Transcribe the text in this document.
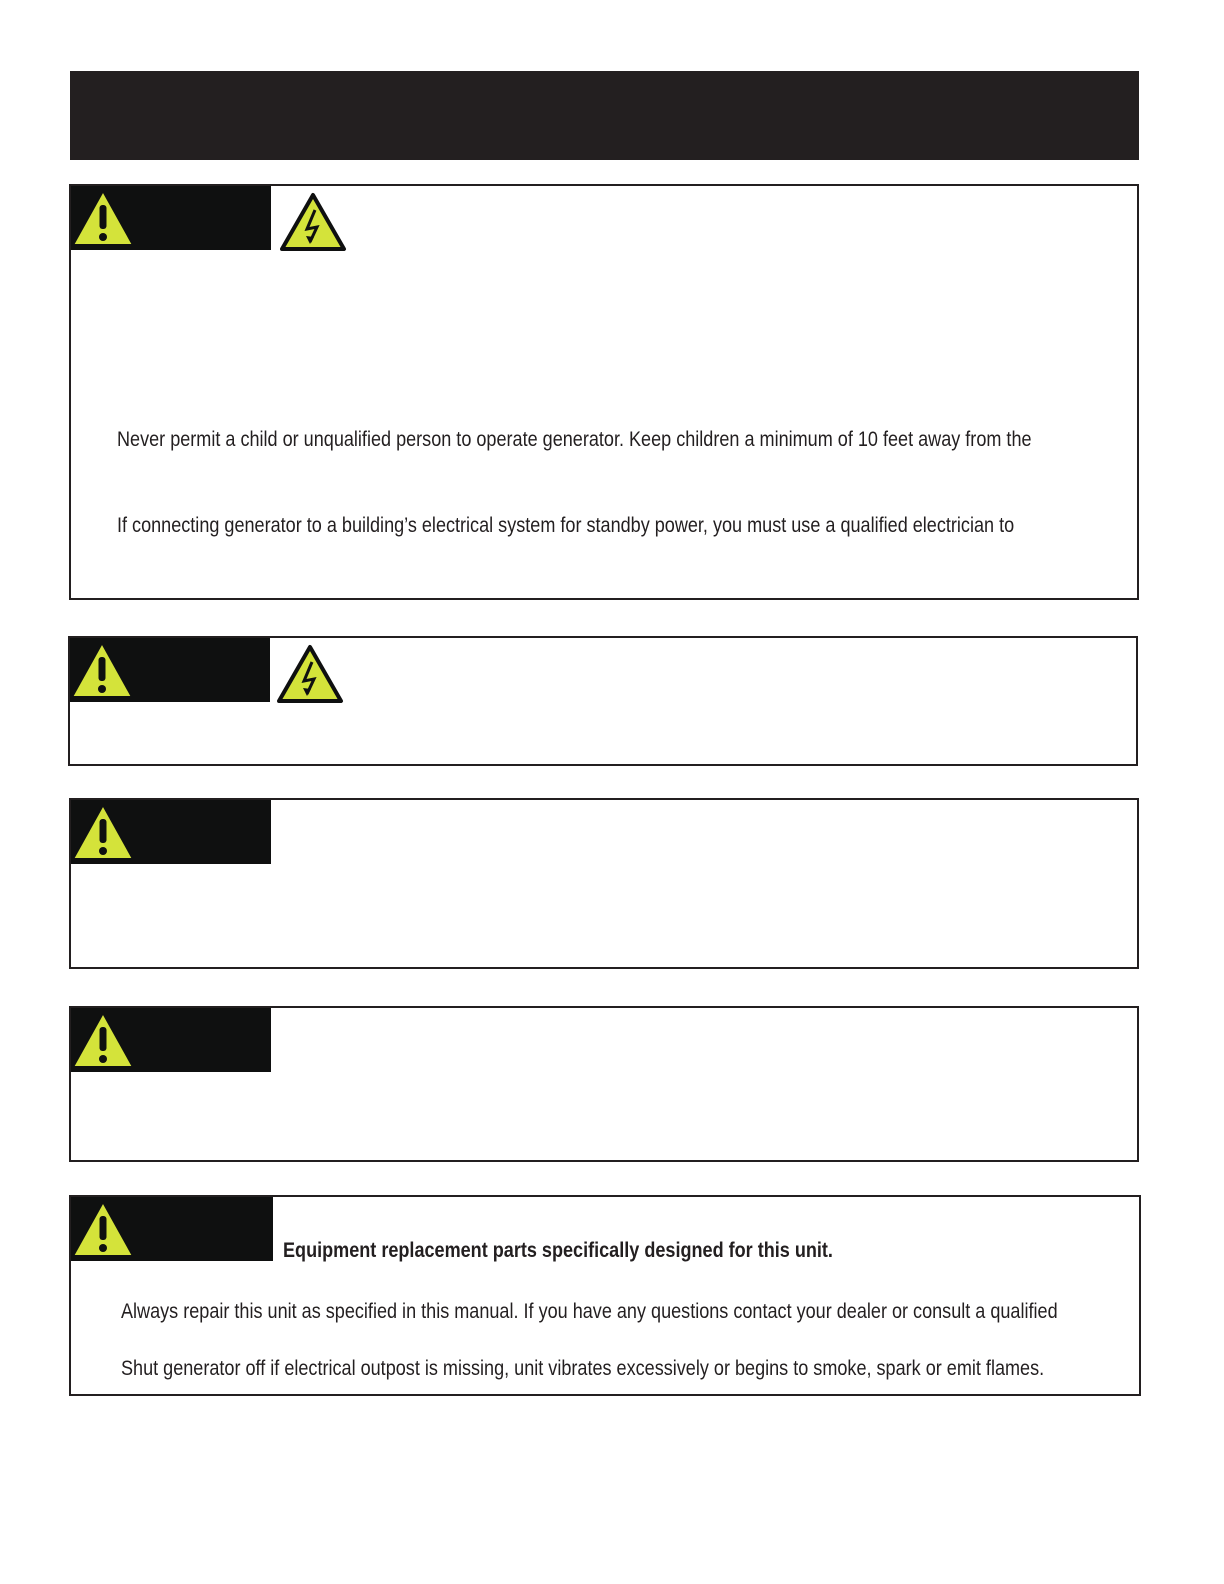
Never permit a child or unqualified person to operate generator. Keep children a minimum of 10 feet away from the
If connecting generator to a building’s electrical system for standby power, you must use a qualified electrician to
Equipment replacement parts specifically designed for this unit.
Always repair this unit as specified in this manual. If you have any questions contact your dealer or consult a qualified
Shut generator off if electrical outpost is missing, unit vibrates excessively or begins to smoke, spark or emit flames.
